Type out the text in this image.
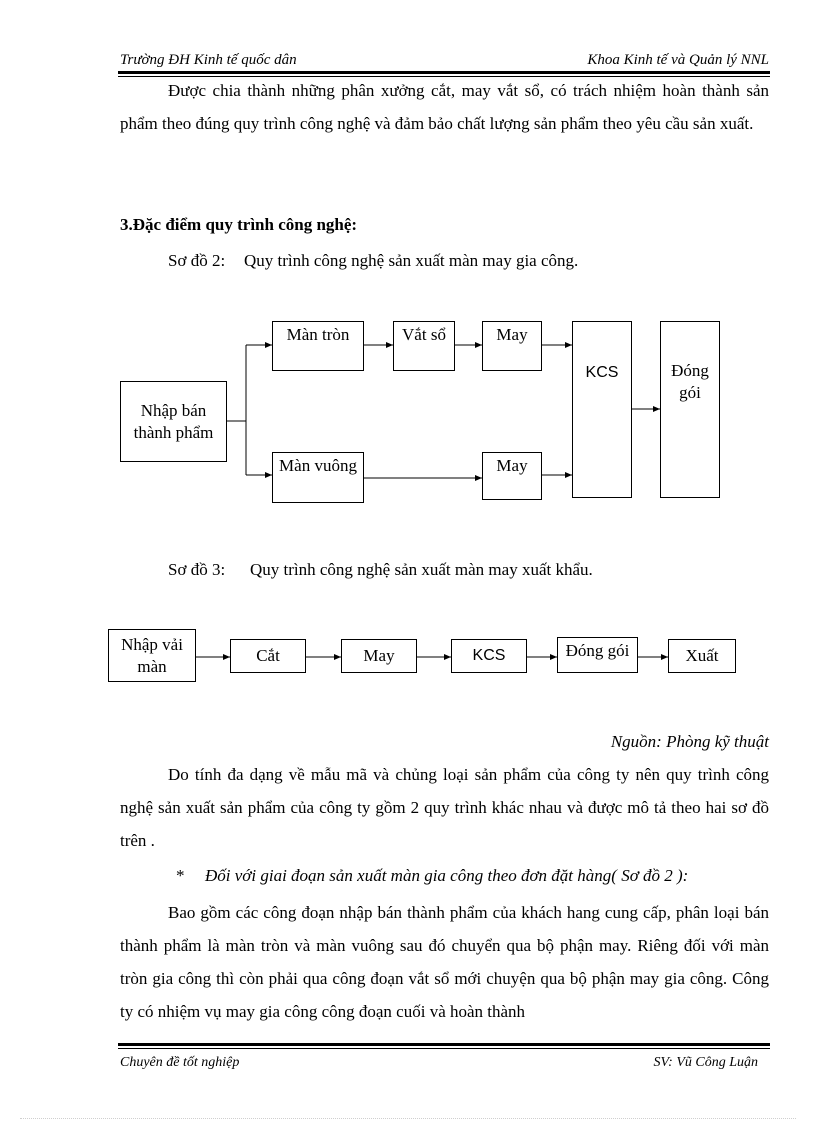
Trường ĐH Kinh tế quốc dân	Khoa Kinh tế và Quản lý NNL
Được chia thành những phân xưởng cắt, may vắt sổ, có trách nhiệm hoàn thành sản phẩm theo đúng quy trình công nghệ và đảm bảo chất lượng sản phẩm theo yêu cầu sản xuất.
3.Đặc điểm quy trình công nghệ:
Sơ đồ 2: Quy trình công nghệ sản xuất màn may gia công.
Nhập bán thành phẩm
Màn tròn	Vắt sổ	May
Màn vuông	May
KCS	Đóng gói
Sơ đồ 3: Quy trình công nghệ sản xuất màn may xuất khẩu.
Nhập vải màn
Cắt	May	KCS	Đóng gói	Xuất
Nguồn: Phòng kỹ thuật
Do tính đa dạng về mẫu mã và chủng loại sản phẩm của công ty nên quy trình công nghệ sản xuất sản phẩm của công ty gồm 2 quy trình khác nhau và được mô tả theo hai sơ đồ trên .
* Đối với giai đoạn sản xuất màn gia công theo đơn đặt hàng( Sơ đồ 2 ):
Bao gồm các công đoạn nhập bán thành phẩm của khách hang cung cấp, phân loại bán thành phẩm là màn tròn và màn vuông sau đó chuyển qua bộ phận may. Riêng đối với màn tròn gia công thì còn phải qua công đoạn vắt sổ mới chuyện qua bộ phận may gia công. Công ty có nhiệm vụ may gia công công đoạn cuối và hoàn thành
Chuyên đề tốt nghiệp	SV: Vũ Công Luận
